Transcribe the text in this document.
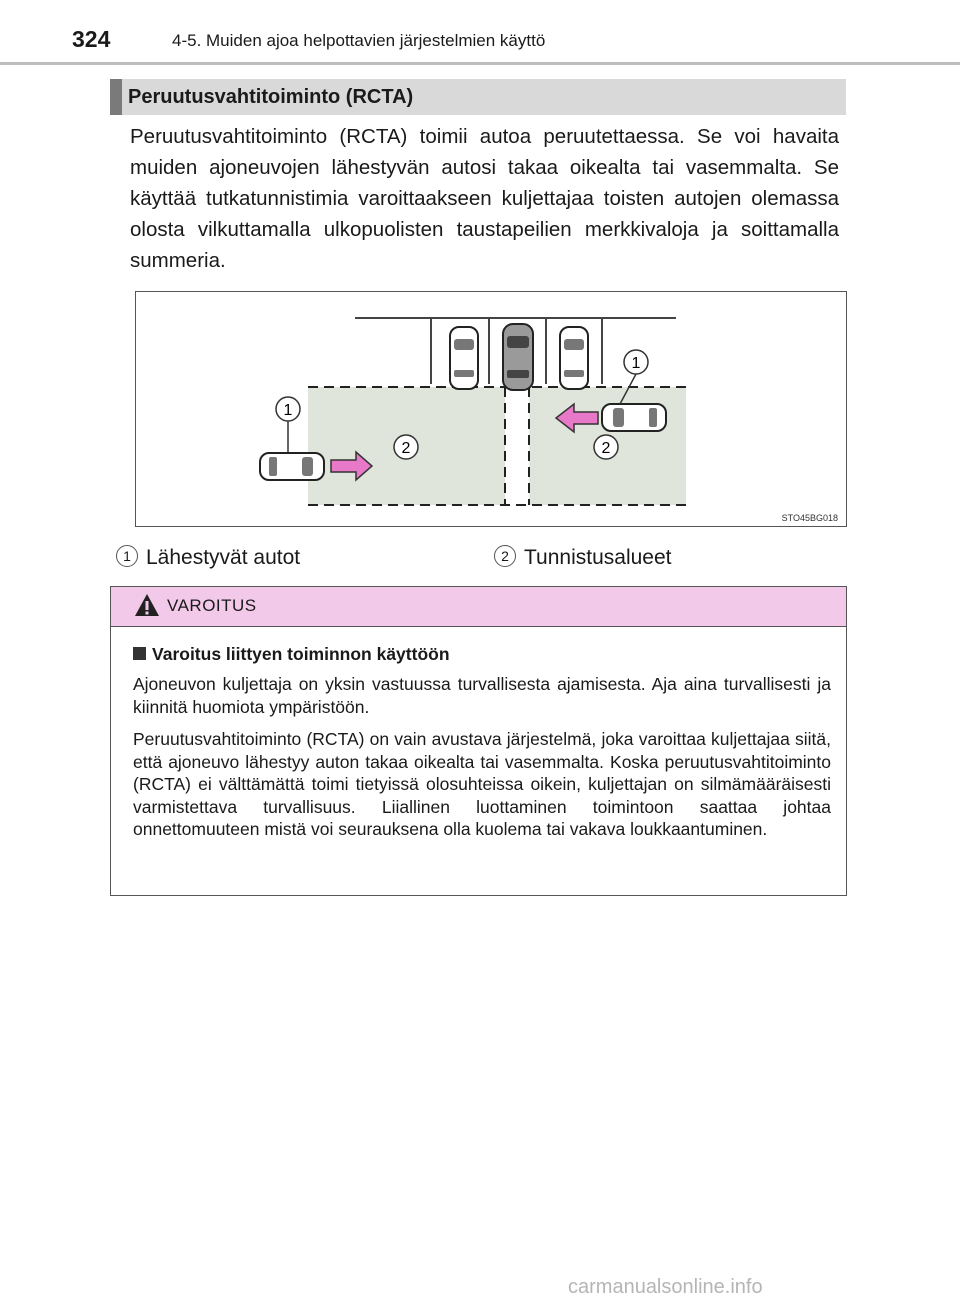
324	4-5. Muiden ajoa helpottavien järjestelmien käyttö
Peruutusvahtitoiminto (RCTA)

Peruutusvahtitoiminto (RCTA) toimii autoa peruutettaessa. Se voi havaita muiden ajoneuvojen lähestyvän autosi takaa oikealta tai vasemmalta. Se käyttää tutkatunnistimia varoittaakseen kuljettajaa toisten autojen olemassa olosta vilkuttamalla ulkopuolisten taustapeilien merkkivaloja ja soittamalla summeria.

1
1
2	2
STO45BG018
1 Lähestyvät autot	2 Tunnistusalueet
VAROITUS
Varoitus liittyen toiminnon käyttöön

Ajoneuvon kuljettaja on yksin vastuussa turvallisesta ajamisesta. Aja aina turvallisesti ja kiinnitä huomiota ympäristöön.

Peruutusvahtitoiminto (RCTA) on vain avustava järjestelmä, joka varoittaa kuljettajaa siitä, että ajoneuvo lähestyy auton takaa oikealta tai vasemmalta. Koska peruutusvahtitoiminto (RCTA) ei välttämättä toimi tietyissä olosuhteissa oikein, kuljettajan on silmämääräisesti varmistettava turvallisuus. Liiallinen luottaminen toimintoon saattaa johtaa onnettomuuteen mistä voi seurauksena olla kuolema tai vakava loukkaantuminen.

carmanualsonline.info
